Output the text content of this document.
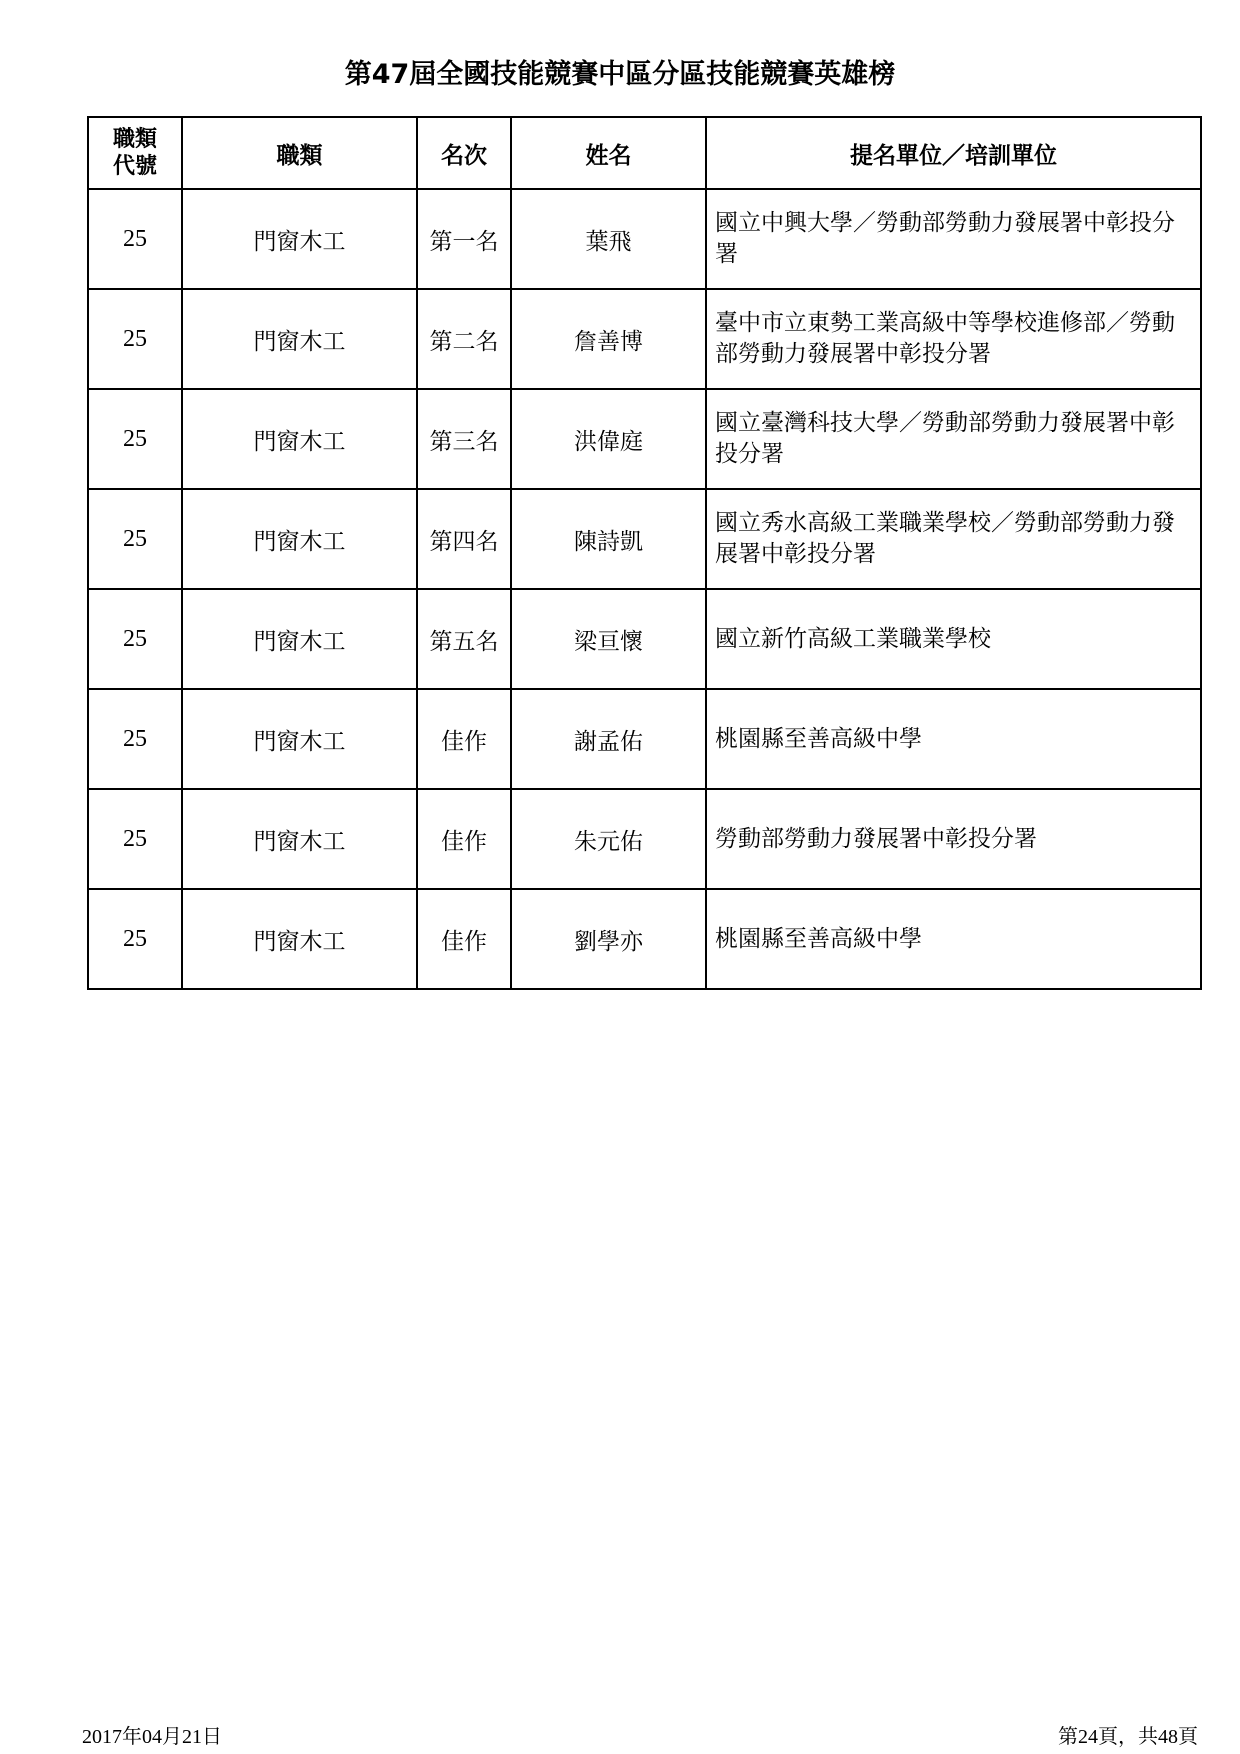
第47屆全國技能競賽中區分區技能競賽英雄榜
職類
代號	職類	名次	姓名	提名單位／培訓單位
25	門窗木工	第一名	葉飛	國立中興大學／勞動部勞動力發展署中彰投分署
25	門窗木工	第二名	詹善博	臺中市立東勢工業高級中等學校進修部／勞動部勞動力發展署中彰投分署
25	門窗木工	第三名	洪偉庭	國立臺灣科技大學／勞動部勞動力發展署中彰投分署
25	門窗木工	第四名	陳詩凱	國立秀水高級工業職業學校／勞動部勞動力發展署中彰投分署
25	門窗木工	第五名	梁亘懷	國立新竹高級工業職業學校
25	門窗木工	佳作	謝孟佑	桃園縣至善高級中學
25	門窗木工	佳作	朱元佑	勞動部勞動力發展署中彰投分署
25	門窗木工	佳作	劉學亦	桃園縣至善高級中學
2017年04月21日	第24頁，共48頁
